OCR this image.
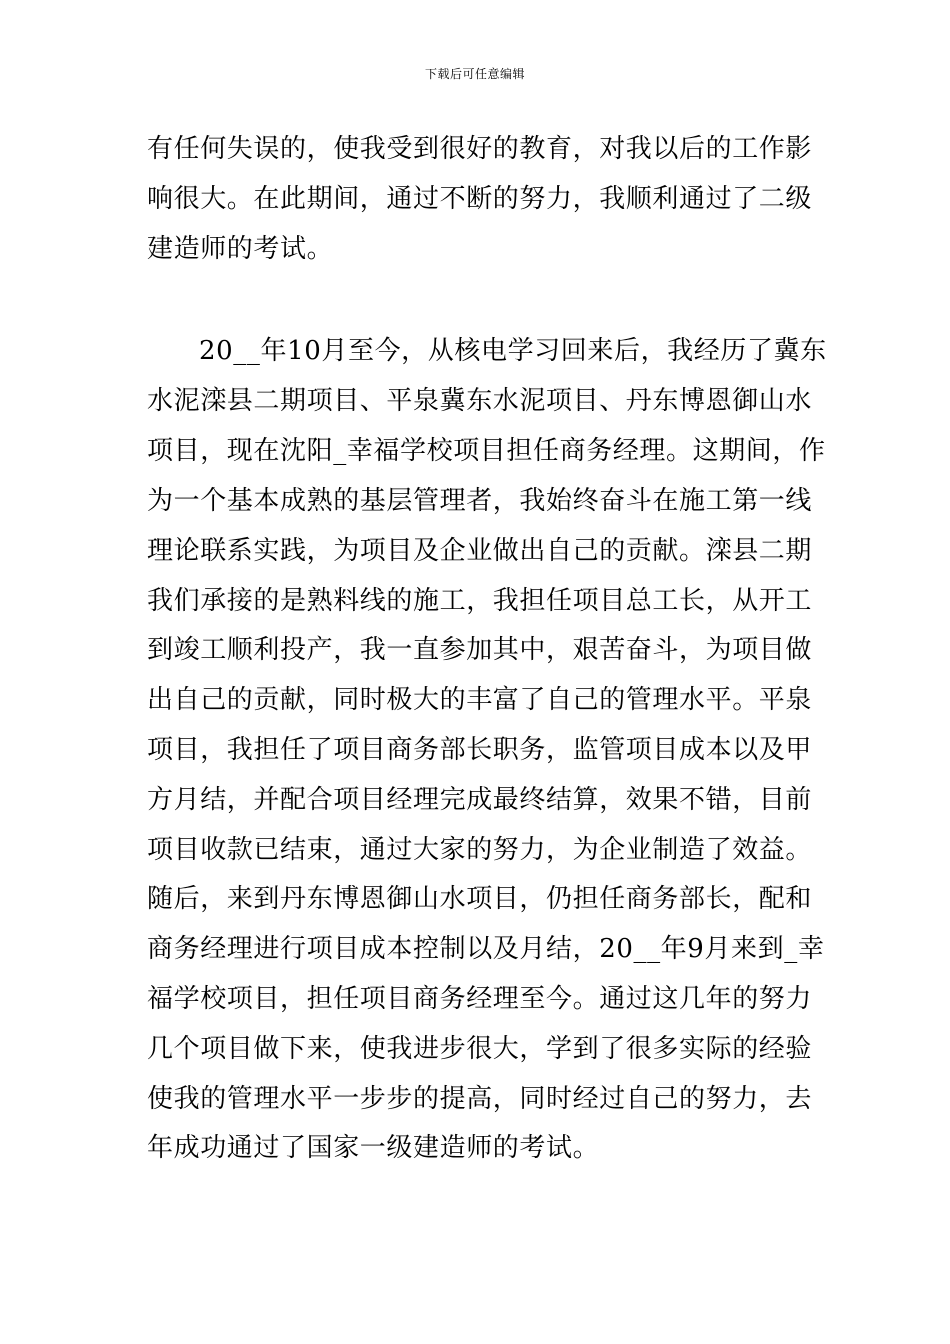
下载后可任意编辑
有任何失误的，使我受到很好的教育，对我以后的工作影
响很大。在此期间，通过不断的努力，我顺利通过了二级
建造师的考试。
20__年10月至今，从核电学习回来后，我经历了冀东
水泥滦县二期项目、平泉冀东水泥项目、丹东博恩御山水
项目，现在沈阳_幸福学校项目担任商务经理。这期间，作
为一个基本成熟的基层管理者，我始终奋斗在施工第一线
理论联系实践，为项目及企业做出自己的贡献。滦县二期
我们承接的是熟料线的施工，我担任项目总工长，从开工
到竣工顺利投产，我一直参加其中，艰苦奋斗，为项目做
出自己的贡献，同时极大的丰富了自己的管理水平。平泉
项目，我担任了项目商务部长职务，监管项目成本以及甲
方月结，并配合项目经理完成最终结算，效果不错，目前
项目收款已结束，通过大家的努力，为企业制造了效益。
随后，来到丹东博恩御山水项目，仍担任商务部长，配和
商务经理进行项目成本控制以及月结，20__年9月来到_幸
福学校项目，担任项目商务经理至今。通过这几年的努力
几个项目做下来，使我进步很大，学到了很多实际的经验
使我的管理水平一步步的提高，同时经过自己的努力，去
年成功通过了国家一级建造师的考试。
